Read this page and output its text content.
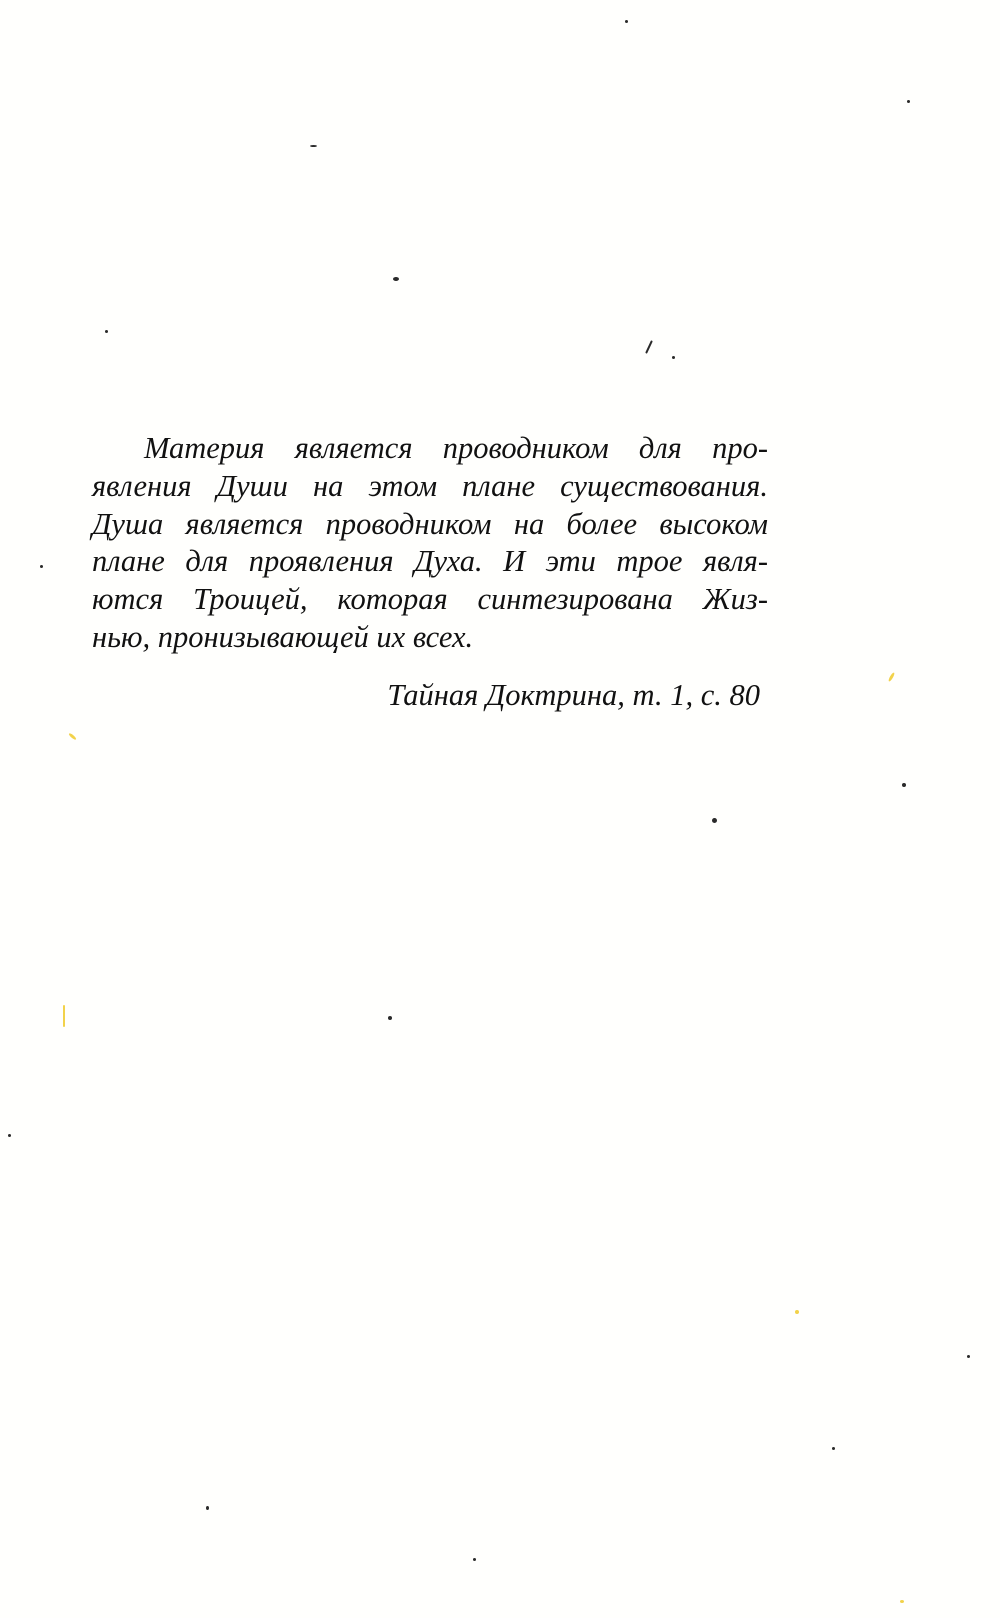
Материя является проводником для про-
явления Души на этом плане существования.
Душа является проводником на более высоком
плане для проявления Духа. И эти трое явля-
ются Троицей, которая синтезирована Жиз-
нью, пронизывающей их всех.
Тайная Доктрина, т. 1, с. 80
